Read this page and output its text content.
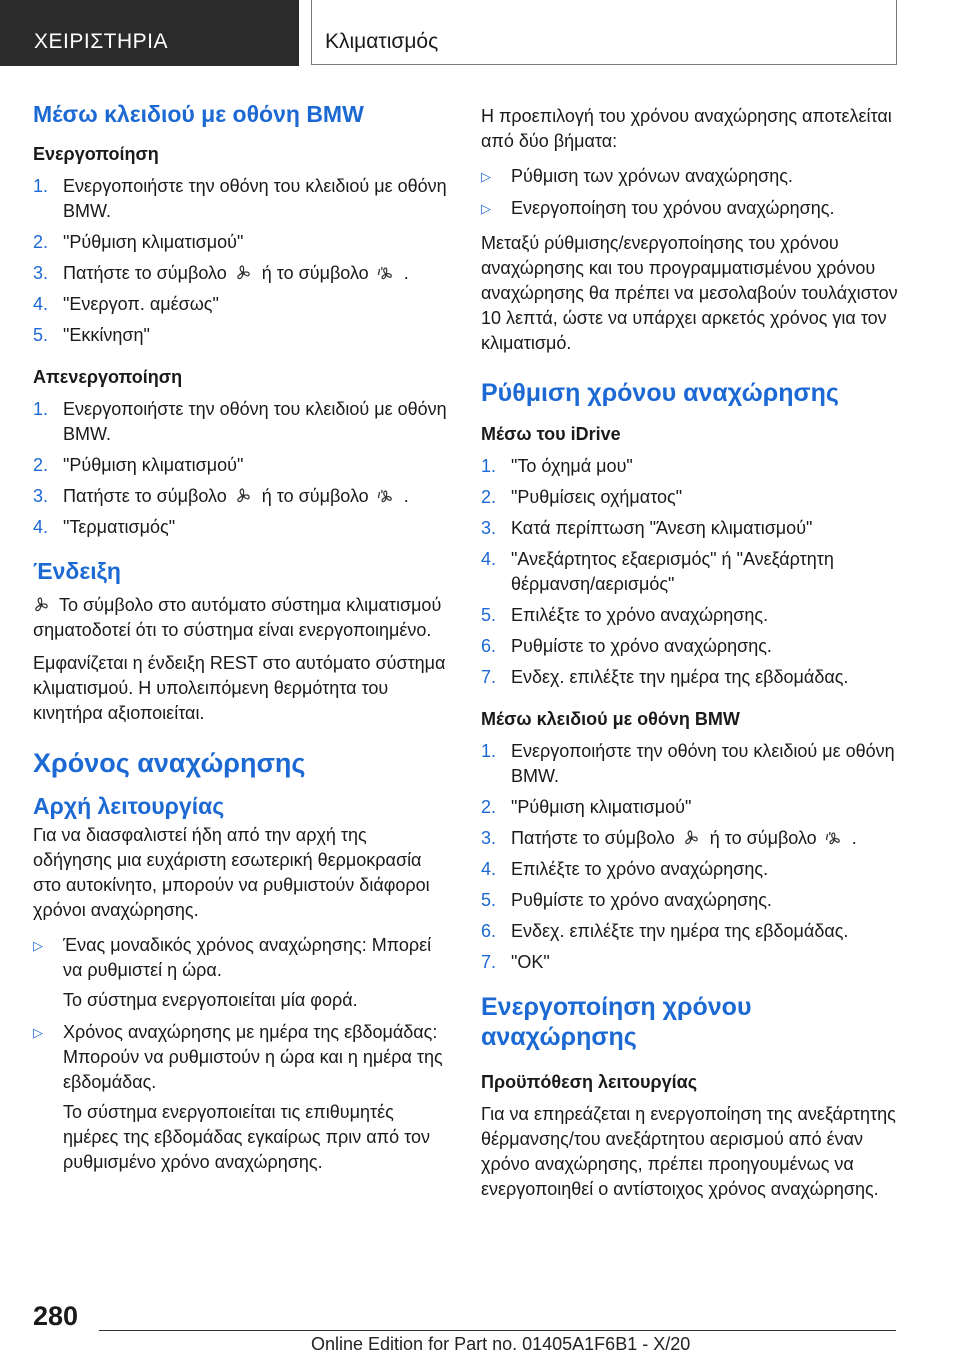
ΧΕΙΡΙΣΤΗΡΙΑ	Κλιματισμός
Μέσω κλειδιού με οθόνη BMW
Ενεργοποίηση
1. Ενεργοποιήστε την οθόνη του κλειδιού με οθόνη BMW.
2. "Ρύθμιση κλιματισμού"
3. Πατήστε το σύμβολο ή το σύμβολο .
4. "Ενεργοπ. αμέσως"
5. "Εκκίνηση"
Απενεργοποίηση
1. Ενεργοποιήστε την οθόνη του κλειδιού με οθόνη BMW.
2. "Ρύθμιση κλιματισμού"
3. Πατήστε το σύμβολο ή το σύμβολο .
4. "Τερματισμός"
Ένδειξη

Το σύμβολο στο αυτόματο σύστημα κλιματισμού σηματοδοτεί ότι το σύστημα είναι ενεργοποιημένο.

Εμφανίζεται η ένδειξη REST στο αυτόματο σύστημα κλιματισμού. Η υπολειπόμενη θερμότητα του κινητήρα αξιοποιείται.

Χρόνος αναχώρησης
Αρχή λειτουργίας

Για να διασφαλιστεί ήδη από την αρχή της οδήγησης μια ευχάριστη εσωτερική θερμοκρασία στο αυτοκίνητο, μπορούν να ρυθμιστούν διάφοροι χρόνοι αναχώρησης.

▷ Ένας μοναδικός χρόνος αναχώρησης: Μπορεί να ρυθμιστεί η ώρα.
Το σύστημα ενεργοποιείται μία φορά.
▷ Χρόνος αναχώρησης με ημέρα της εβδομάδας: Μπορούν να ρυθμιστούν η ώρα και η ημέρα της εβδομάδας.
Το σύστημα ενεργοποιείται τις επιθυμητές ημέρες της εβδομάδας εγκαίρως πριν από τον ρυθμισμένο χρόνο αναχώρησης.

Η προεπιλογή του χρόνου αναχώρησης αποτελείται από δύο βήματα:

▷ Ρύθμιση των χρόνων αναχώρησης.
▷ Ενεργοποίηση του χρόνου αναχώρησης.

Μεταξύ ρύθμισης/ενεργοποίησης του χρόνου αναχώρησης και του προγραμματισμένου χρόνου αναχώρησης θα πρέπει να μεσολαβούν τουλάχιστον 10 λεπτά, ώστε να υπάρχει αρκετός χρόνος για τον κλιματισμό.

Ρύθμιση χρόνου αναχώρησης
Μέσω του iDrive
1. "Το όχημά μου"
2. "Ρυθμίσεις οχήματος"
3. Κατά περίπτωση "Άνεση κλιματισμού"
4. "Ανεξάρτητος εξαερισμός" ή "Ανεξάρτητη θέρμανση/αερισμός"
5. Επιλέξτε το χρόνο αναχώρησης.
6. Ρυθμίστε το χρόνο αναχώρησης.
7. Ενδεχ. επιλέξτε την ημέρα της εβδομάδας.
Μέσω κλειδιού με οθόνη BMW
1. Ενεργοποιήστε την οθόνη του κλειδιού με οθόνη BMW.
2. "Ρύθμιση κλιματισμού"
3. Πατήστε το σύμβολο ή το σύμβολο .
4. Επιλέξτε το χρόνο αναχώρησης.
5. Ρυθμίστε το χρόνο αναχώρησης.
6. Ενδεχ. επιλέξτε την ημέρα της εβδομάδας.
7. "OK"
Ενεργοποίηση χρόνου αναχώρησης
Προϋπόθεση λειτουργίας

Για να επηρεάζεται η ενεργοποίηση της ανεξάρτητης θέρμανσης/του ανεξάρτητου αερισμού από έναν χρόνο αναχώρησης, πρέπει προηγουμένως να ενεργοποιηθεί ο αντίστοιχος χρόνος αναχώρησης.

280
Online Edition for Part no. 01405A1F6B1 - X/20
